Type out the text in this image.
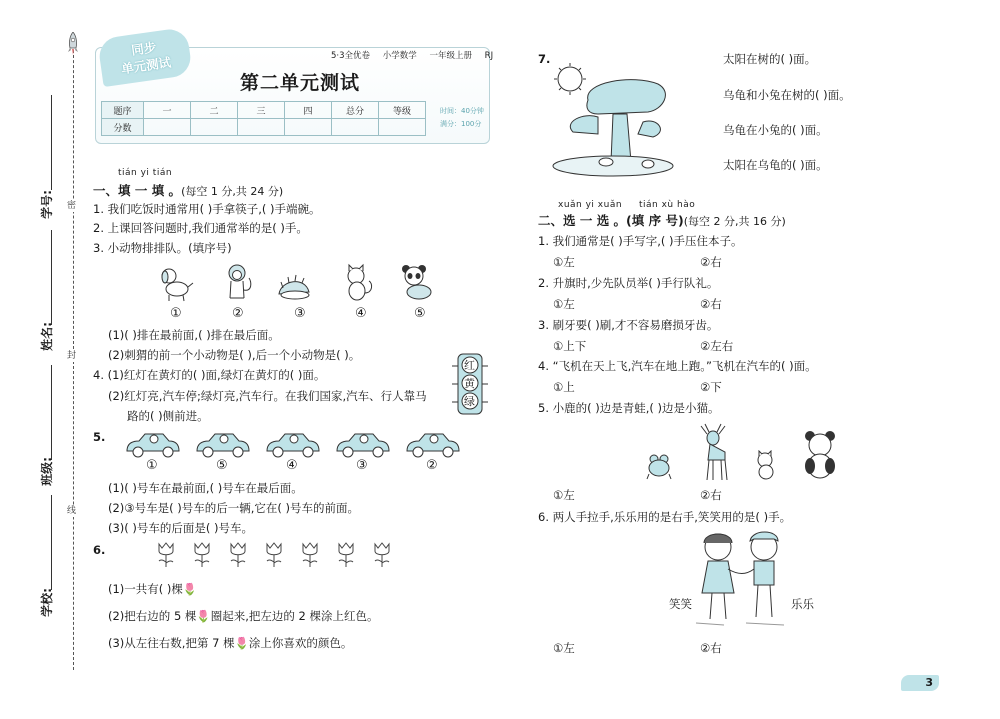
密
封
线
学号:
姓名:
班级:
学校:
同步
单元测试	5·3全优卷 小学数学 一年级上册 RJ
第二单元测试
题序	一	二	三	四	总分	等级
分数						
时间：40分钟
满分：100分
tián yi tián
一、填 一 填 。(每空 1 分,共 24 分)
1. 我们吃饭时通常用( )手拿筷子,( )手端碗。
2. 上课回答问题时,我们通常举的是( )手。
3. 小动物排排队。(填序号)
①	②	③	④	⑤
(1)( )排在最前面,( )排在最后面。
(2)刺猬的前一个小动物是( ),后一个小动物是( )。
4. (1)红灯在黄灯的( )面,绿灯在黄灯的( )面。
(2)红灯亮,汽车停;绿灯亮,汽车行。在我们国家,汽车、行人靠马
路的( )侧前进。
红
黄
绿
5.
①	⑤	④	③	②
(1)( )号车在最前面,( )号车在最后面。
(2)③号车是( )号车的后一辆,它在( )号车的前面。
(3)( )号车的后面是( )号车。
6.
(1)一共有( )棵🌷
(2)把右边的 5 棵🌷圈起来,把左边的 2 棵涂上红色。
(3)从左往右数,把第 7 棵🌷涂上你喜欢的颜色。
7.	太阳在树的( )面。
乌龟和小兔在树的( )面。
乌龟在小兔的( )面。
太阳在乌龟的( )面。
xuǎn yi xuǎn tián xù hào
二、选 一 选 。(填 序 号)(每空 2 分,共 16 分)
1. 我们通常是( )手写字,( )手压住本子。
①左	②右
2. 升旗时,少先队员举( )手行队礼。
①左	②右
3. 刷牙要( )刷,才不容易磨损牙齿。
①上下	②左右
4. “飞机在天上飞,汽车在地上跑。”飞机在汽车的( )面。
①上	②下
5. 小鹿的( )边是青蛙,( )边是小猫。
①左	②右
6. 两人手拉手,乐乐用的是右手,笑笑用的是( )手。
笑笑	乐乐
①左	②右
3
